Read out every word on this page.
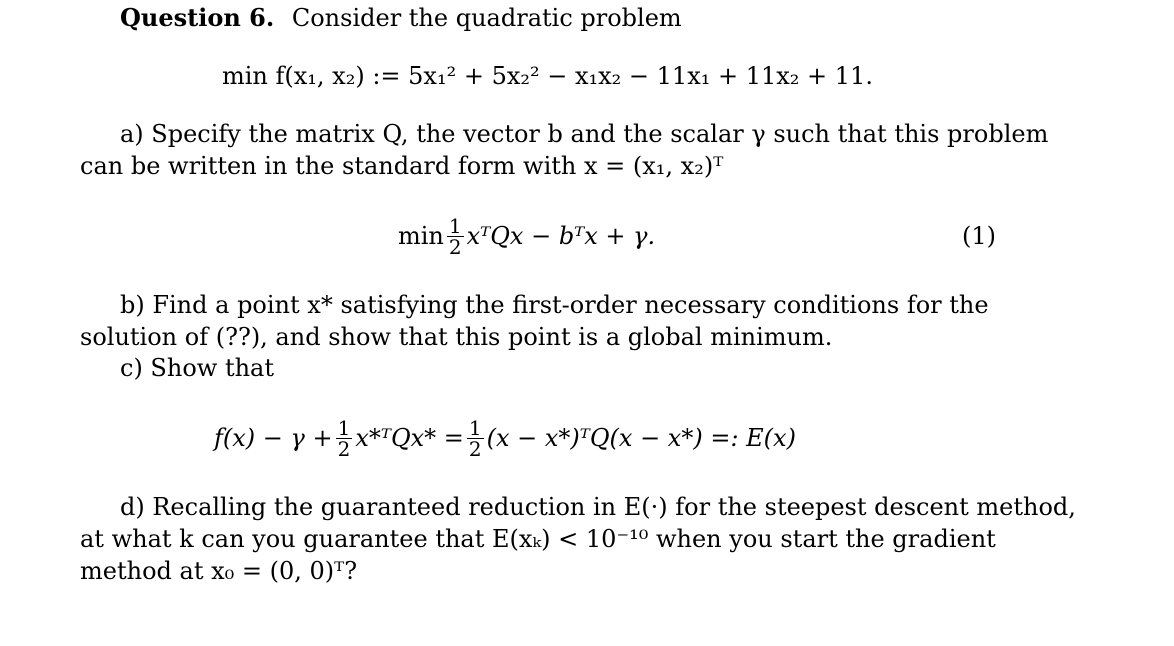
Question 6. Consider the quadratic problem
min f(x₁, x₂) := 5x₁² + 5x₂² − x₁x₂ − 11x₁ + 11x₂ + 11.
a) Specify the matrix Q, the vector b and the scalar γ such that this problem
can be written in the standard form with x = (x₁, x₂)ᵀ
$\min \frac{1}{2}$ xᵀQx − bᵀx + γ.	(1)
b) Find a point x* satisfying the first-order necessary conditions for the
solution of (??), and show that this point is a global minimum.
c) Show that
$f(x) - \gamma + \frac{1}{2}$ x*ᵀQx* = $\frac{1}{2} (x$ − x*)ᵀQ(x − x*) =: E(x)
d) Recalling the guaranteed reduction in E(·) for the steepest descent method,
at what k can you guarantee that E(xₖ) < 10⁻¹⁰ when you start the gradient
method at x₀ = (0, 0)ᵀ?
